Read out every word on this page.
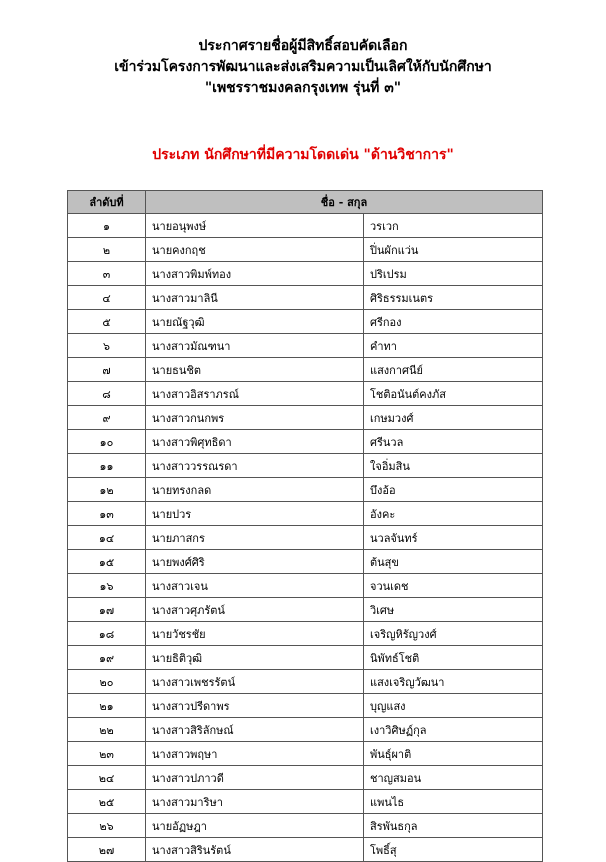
ประกาศรายชื่อผู้มีสิทธิ์สอบคัดเลือก

เข้าร่วมโครงการพัฒนาและส่งเสริมความเป็นเลิศให้กับนักศึกษา

"เพชรราชมงคลกรุงเทพ รุ่นที่ ๓"

ประเภท นักศึกษาที่มีความโดดเด่น "ด้านวิชาการ"
ลำดับที่	ชื่อ - สกุล	
๑	นายอนุพงษ์	วรเวก
๒	นายคงกฤช	ปิ่นผักแว่น
๓	นางสาวพิมพ์ทอง	ปริเปรม
๔	นางสาวมาลินี	ศิริธรรมเนตร
๕	นายณัฐวุฒิ	ศรีกอง
๖	นางสาวมัณฑนา	คำทา
๗	นายธนชิต	แสงกาศนีย์
๘	นางสาวอิสราภรณ์	โชติอนันต์คงภัส
๙	นางสาวกนกพร	เกษมวงศ์
๑๐	นางสาวพิศุทธิดา	ศรีนวล
๑๑	นางสาววรรณรดา	ใจอิ่มสิน
๑๒	นายทรงกลด	บึงอ้อ
๑๓	นายปวร	อังคะ
๑๔	นายภาสกร	นวลจันทร์
๑๕	นายพงศ์ศิริ	ต้นสุข
๑๖	นางสาวเจน	จวนเดช
๑๗	นางสาวศุภรัตน์	วิเศษ
๑๘	นายวัชรชัย	เจริญหิรัญวงศ์
๑๙	นายธิติวุฒิ	นิพัทธ์โชติ
๒๐	นางสาวเพชรรัตน์	แสงเจริญวัฒนา
๒๑	นางสาวปรีดาพร	บุญแสง
๒๒	นางสาวสิริลักษณ์	เงาวิศิษฏ์กุล
๒๓	นางสาวพฤษา	พันธุ์ผาติ
๒๔	นางสาวปภาวดี	ชาญสมอน
๒๕	นางสาวมาริษา	แพนไธ
๒๖	นายอัฏษฎา	สิรพันธกุล
๒๗	นางสาวสิรินรัตน์	โพธิ์สุ
